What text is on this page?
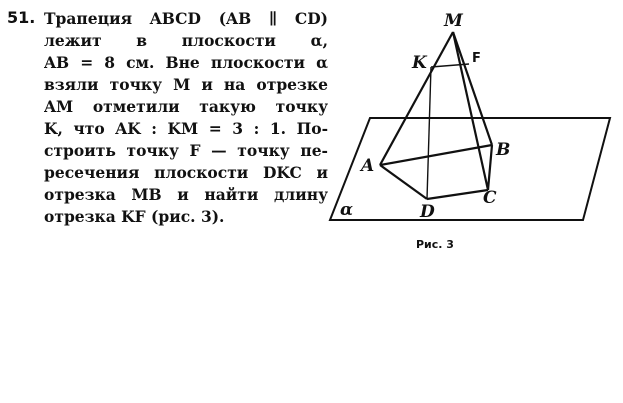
51. Трапеция ABCD (AB ∥ CD)
лежит в плоскости α,
AB = 8 см. Вне плоскости α
взяли точку M и на отрезке
AM отметили такую точку
K, что AK : KM = 3 : 1. По-
строить точку F — точку пе-
ресечения плоскости DKC и
отрезка MB и найти длину
отрезка KF (рис. 3).
M
K	F
A
B
C
D
α
Рис. 3
